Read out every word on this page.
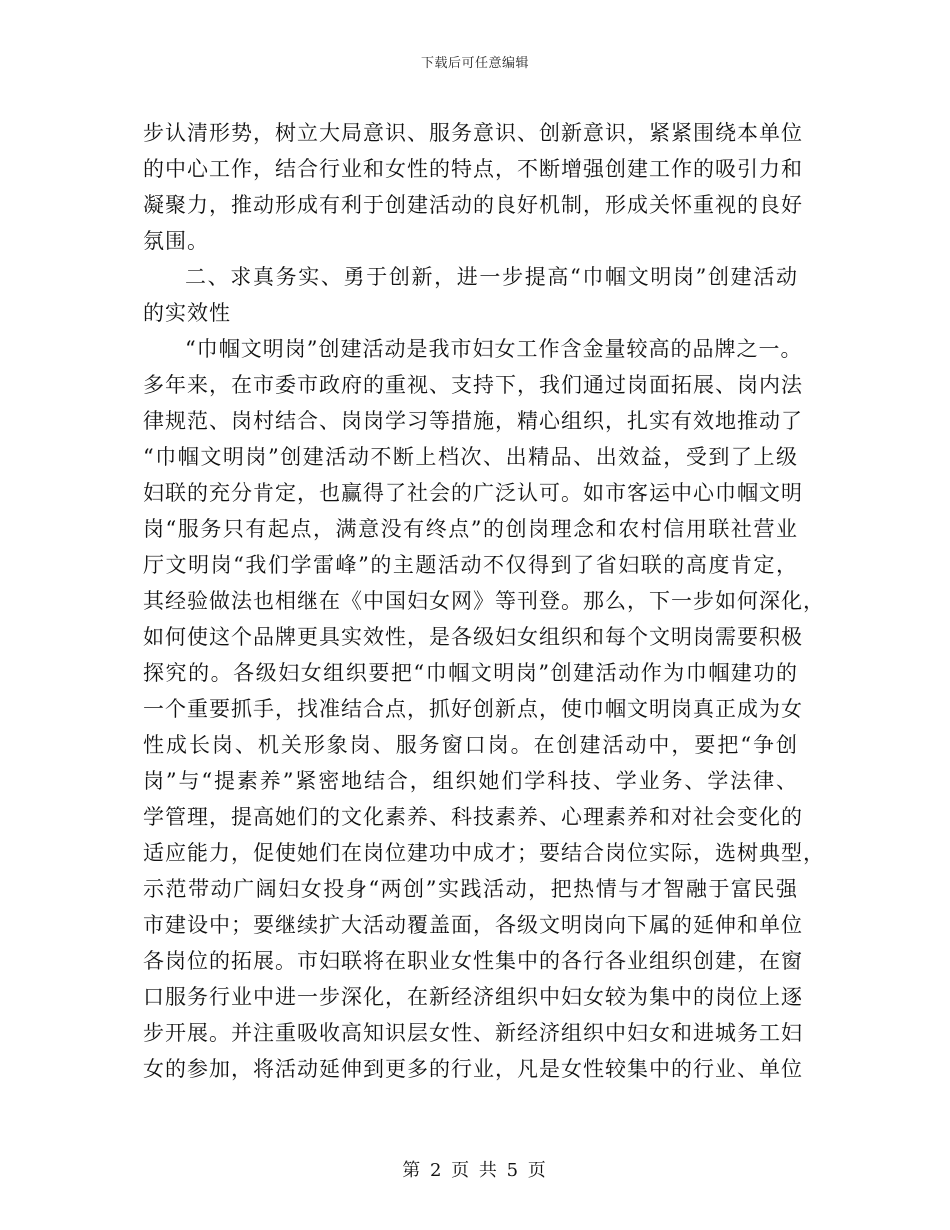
下载后可任意编辑
步认清形势，树立大局意识、服务意识、创新意识，紧紧围绕本单位
的中心工作，结合行业和女性的特点，不断增强创建工作的吸引力和
凝聚力，推动形成有利于创建活动的良好机制，形成关怀重视的良好
氛围。
二、求真务实、勇于创新，进一步提高“巾帼文明岗”创建活动
的实效性
“巾帼文明岗”创建活动是我市妇女工作含金量较高的品牌之一。
多年来，在市委市政府的重视、支持下，我们通过岗面拓展、岗内法
律规范、岗村结合、岗岗学习等措施，精心组织，扎实有效地推动了
“巾帼文明岗”创建活动不断上档次、出精品、出效益，受到了上级
妇联的充分肯定，也赢得了社会的广泛认可。如市客运中心巾帼文明
岗“服务只有起点，满意没有终点”的创岗理念和农村信用联社营业
厅文明岗“我们学雷峰”的主题活动不仅得到了省妇联的高度肯定，
其经验做法也相继在《中国妇女网》等刊登。那么，下一步如何深化，
如何使这个品牌更具实效性，是各级妇女组织和每个文明岗需要积极
探究的。各级妇女组织要把“巾帼文明岗”创建活动作为巾帼建功的
一个重要抓手，找准结合点，抓好创新点，使巾帼文明岗真正成为女
性成长岗、机关形象岗、服务窗口岗。在创建活动中，要把“争创
岗”与“提素养”紧密地结合，组织她们学科技、学业务、学法律、
学管理，提高她们的文化素养、科技素养、心理素养和对社会变化的
适应能力，促使她们在岗位建功中成才；要结合岗位实际，选树典型，
示范带动广阔妇女投身“两创”实践活动，把热情与才智融于富民强
市建设中；要继续扩大活动覆盖面，各级文明岗向下属的延伸和单位
各岗位的拓展。市妇联将在职业女性集中的各行各业组织创建，在窗
口服务行业中进一步深化，在新经济组织中妇女较为集中的岗位上逐
步开展。并注重吸收高知识层女性、新经济组织中妇女和进城务工妇
女的参加，将活动延伸到更多的行业，凡是女性较集中的行业、单位
第 2 页 共 5 页
